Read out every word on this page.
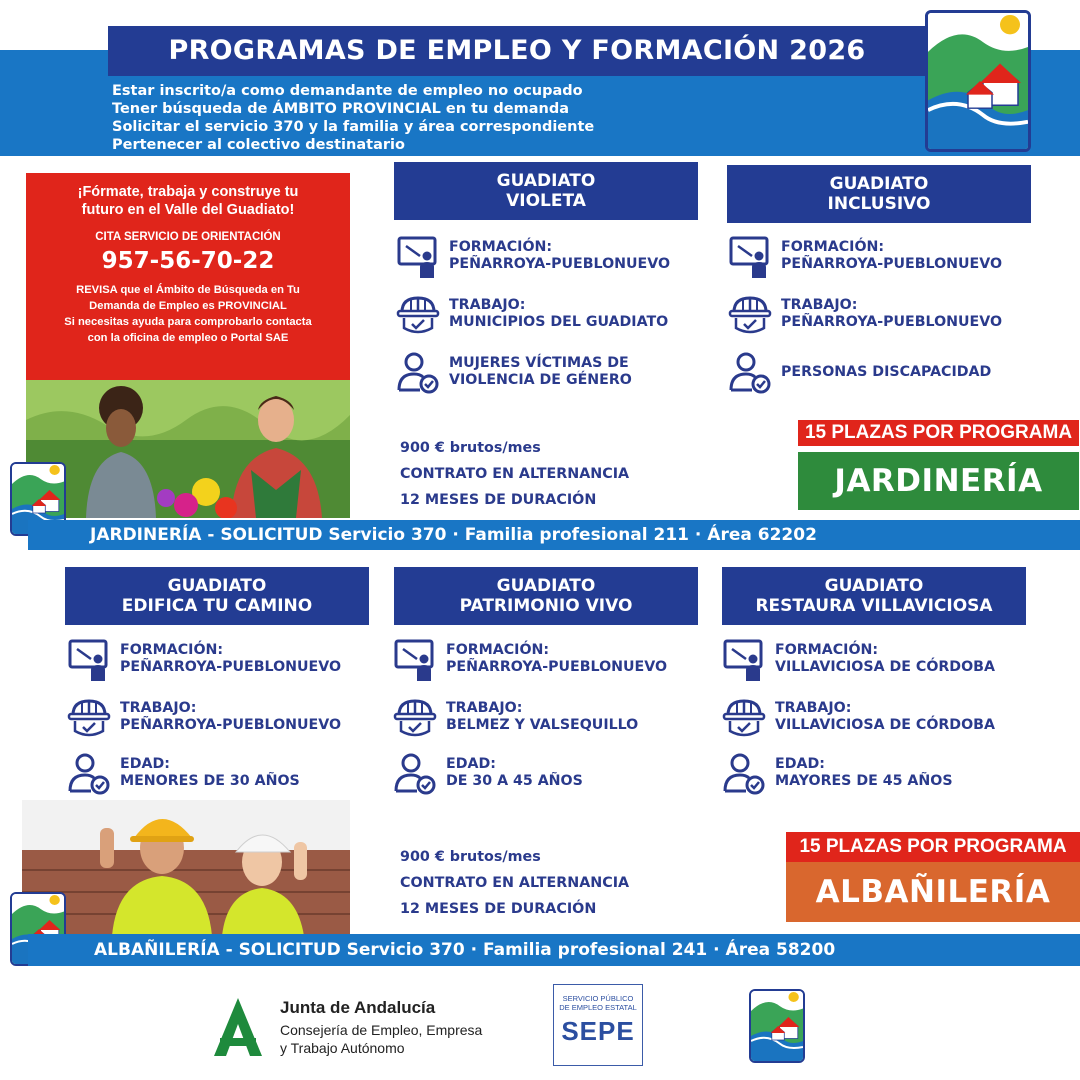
PROGRAMAS DE EMPLEO Y FORMACIÓN 2026
Estar inscrito/a como demandante de empleo no ocupado
Tener búsqueda de ÁMBITO PROVINCIAL en tu demanda
Solicitar el servicio 370 y la familia y área correspondiente
Pertenecer al colectivo destinatario
¡Fórmate, trabaja y construye tu
futuro en el Valle del Guadiato!
CITA SERVICIO DE ORIENTACIÓN
957-56-70-22
REVISA que el Ámbito de Búsqueda en Tu
Demanda de Empleo es PROVINCIAL
Si necesitas ayuda para comprobarlo contacta
con la oficina de empleo o Portal SAE
GUADIATO
VIOLETA
GUADIATO
INCLUSIVO
FORMACIÓN:
PEÑARROYA-PUEBLONUEVO
TRABAJO:
MUNICIPIOS DEL GUADIATO
MUJERES VÍCTIMAS DE
VIOLENCIA DE GÉNERO
FORMACIÓN:
PEÑARROYA-PUEBLONUEVO
TRABAJO:
PEÑARROYA-PUEBLONUEVO
PERSONAS DISCAPACIDAD
900 € brutos/mes
CONTRATO EN ALTERNANCIA
12 MESES DE DURACIÓN
15 PLAZAS POR PROGRAMA
JARDINERÍA
JARDINERÍA - SOLICITUD Servicio 370 · Familia profesional 211 · Área 62202
GUADIATO
EDIFICA TU CAMINO
GUADIATO
PATRIMONIO VIVO
GUADIATO
RESTAURA VILLAVICIOSA
FORMACIÓN:
PEÑARROYA-PUEBLONUEVO
TRABAJO:
PEÑARROYA-PUEBLONUEVO
EDAD:
MENORES DE 30 AÑOS
FORMACIÓN:
PEÑARROYA-PUEBLONUEVO
TRABAJO:
BELMEZ Y VALSEQUILLO
EDAD:
DE 30 A 45 AÑOS
FORMACIÓN:
VILLAVICIOSA DE CÓRDOBA
TRABAJO:
VILLAVICIOSA DE CÓRDOBA
EDAD:
MAYORES DE 45 AÑOS
900 € brutos/mes
CONTRATO EN ALTERNANCIA
12 MESES DE DURACIÓN
15 PLAZAS POR PROGRAMA
ALBAÑILERÍA
ALBAÑILERÍA - SOLICITUD Servicio 370 · Familia profesional 241 · Área 58200
Junta de Andalucía
Consejería de Empleo, Empresa
y Trabajo Autónomo
SERVICIO PÚBLICO
DE EMPLEO ESTATAL
SEPE
